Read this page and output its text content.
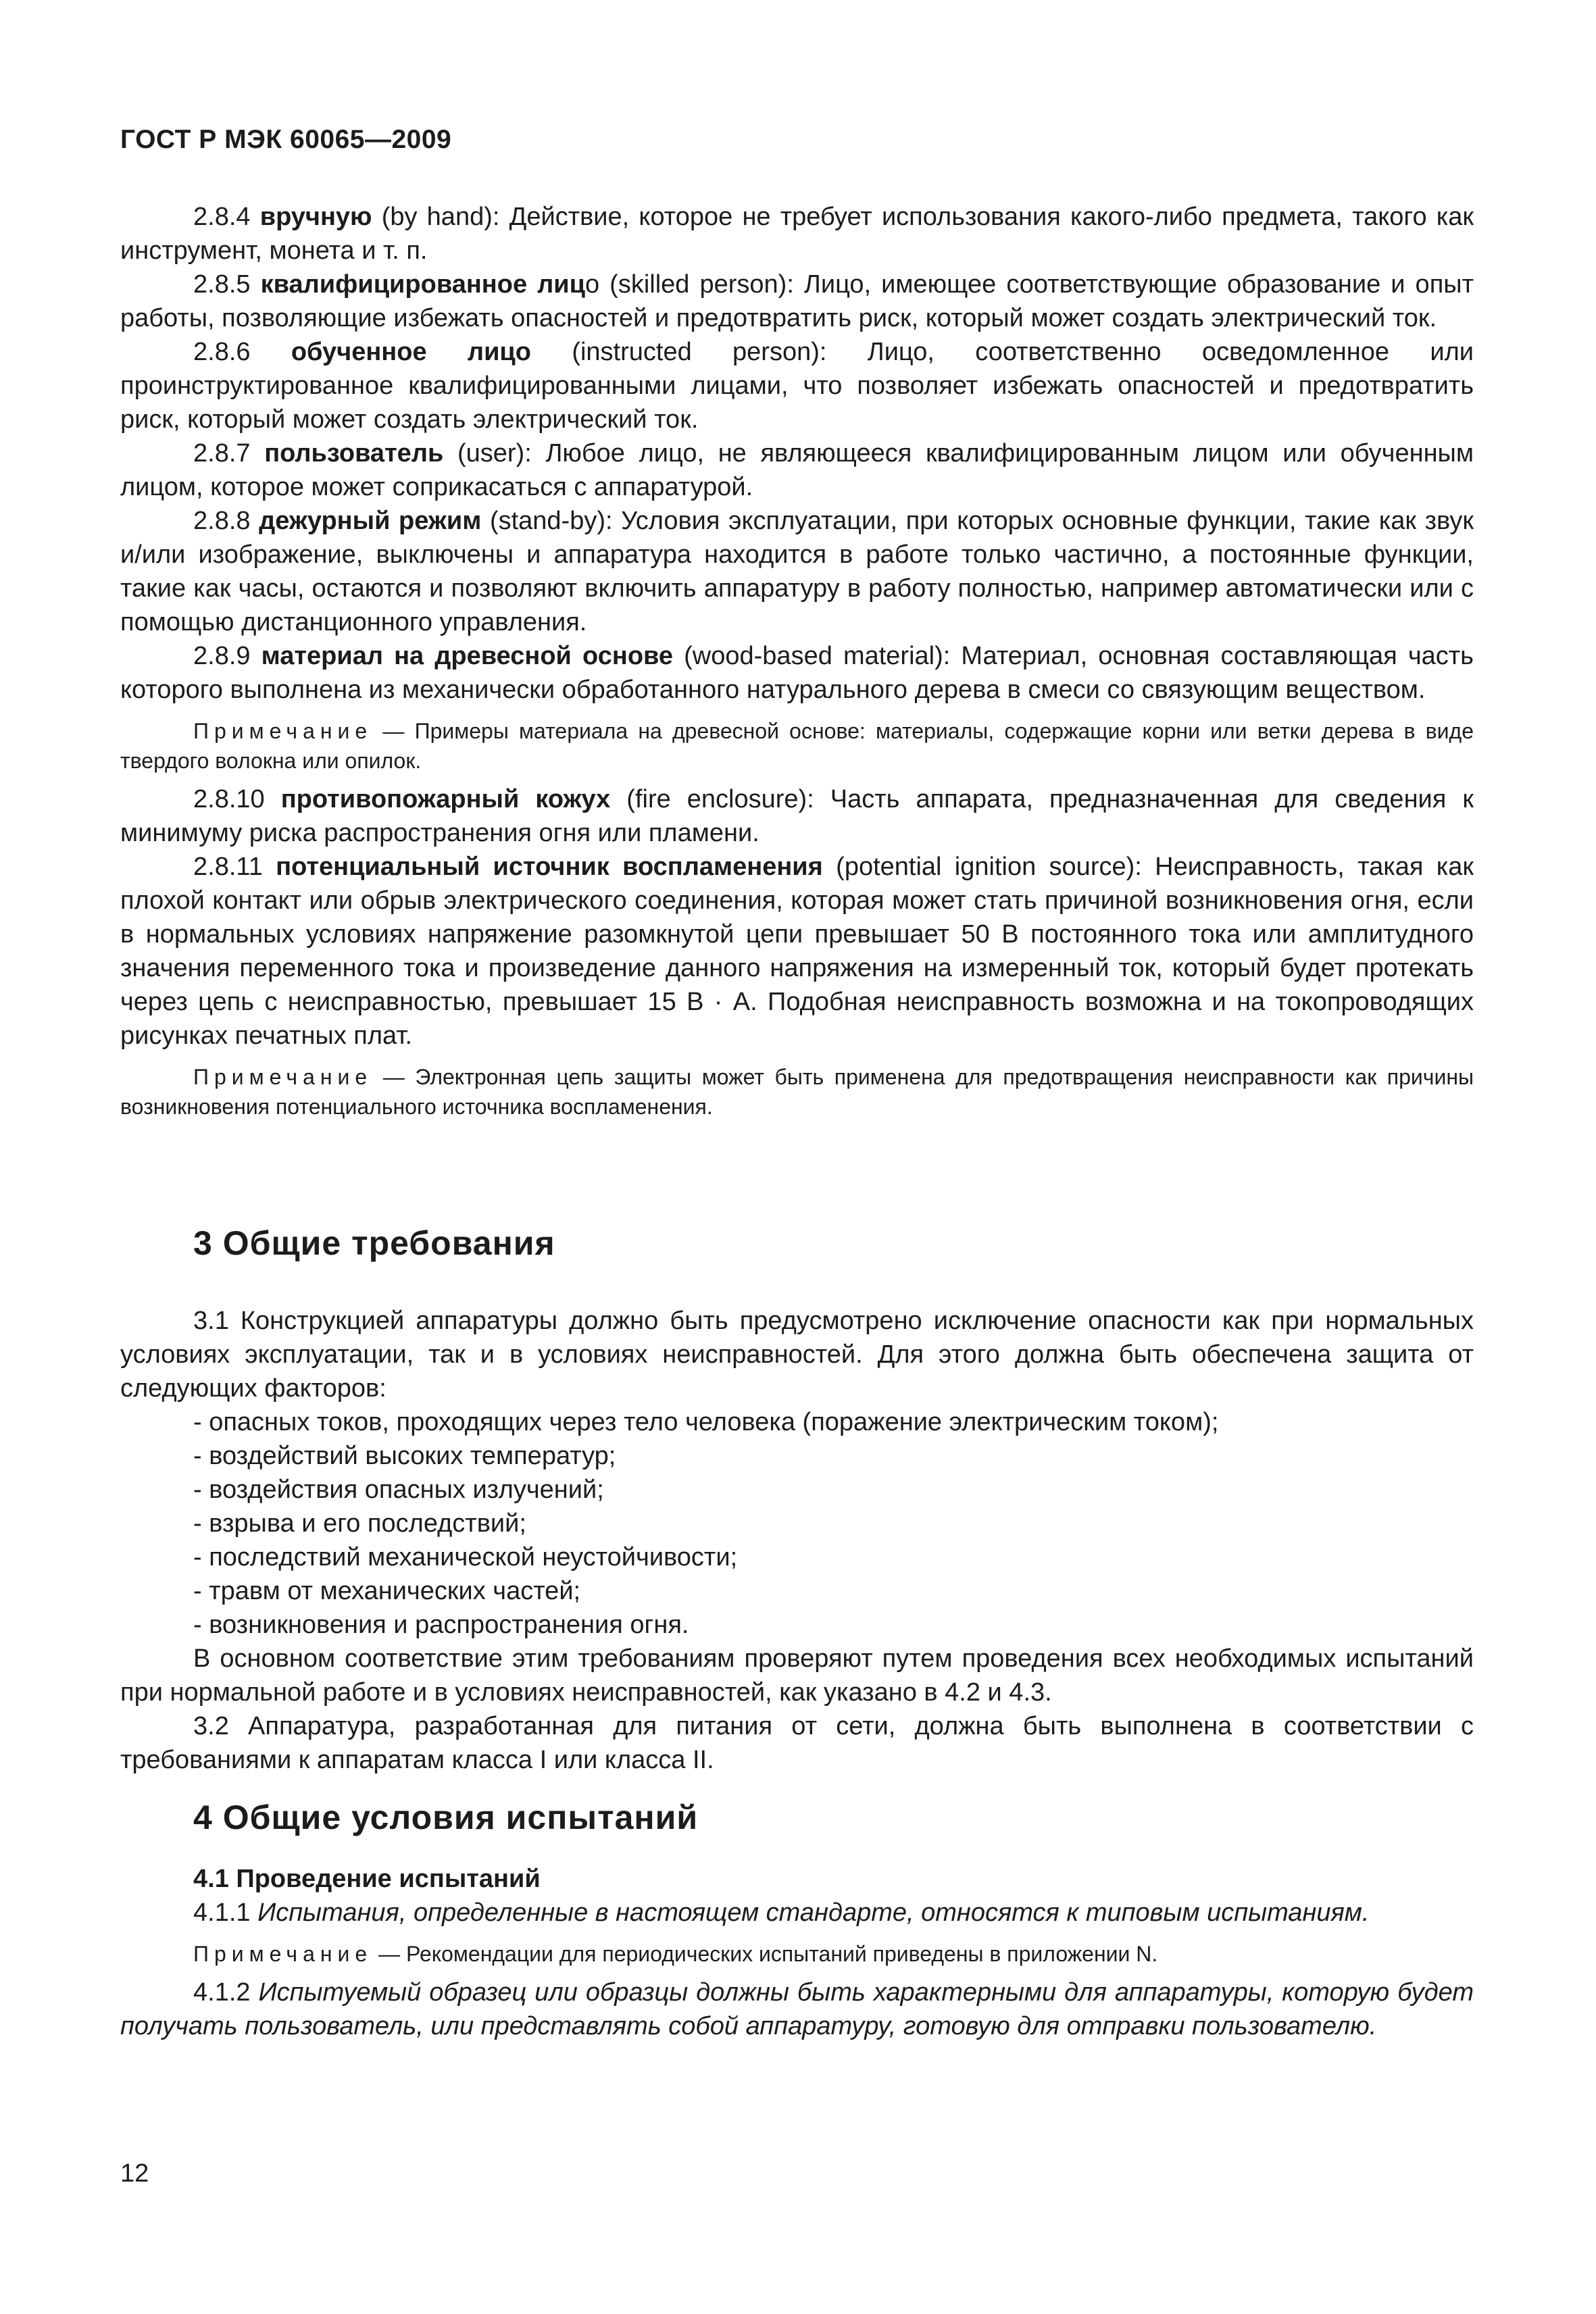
ГОСТ Р МЭК 60065—2009

2.8.4 вручную (by hand): Действие, которое не требует использования какого-либо предмета, такого как инструмент, монета и т. п.

2.8.5 квалифицированное лицо (skilled person): Лицо, имеющее соответствующие образование и опыт работы, позволяющие избежать опасностей и предотвратить риск, который может создать электрический ток.

2.8.6 обученное лицо (instructed person): Лицо, соответственно осведомленное или проинструктированное квалифицированными лицами, что позволяет избежать опасностей и предотвратить риск, который может создать электрический ток.

2.8.7 пользователь (user): Любое лицо, не являющееся квалифицированным лицом или обученным лицом, которое может соприкасаться с аппаратурой.

2.8.8 дежурный режим (stand-by): Условия эксплуатации, при которых основные функции, такие как звук и/или изображение, выключены и аппаратура находится в работе только частично, а постоянные функции, такие как часы, остаются и позволяют включить аппаратуру в работу полностью, например автоматически или с помощью дистанционного управления.

2.8.9 материал на древесной основе (wood-based material): Материал, основная составляющая часть которого выполнена из механически обработанного натурального дерева в смеси со связующим веществом.

Примечание — Примеры материала на древесной основе: материалы, содержащие корни или ветки дерева в виде твердого волокна или опилок.

2.8.10 противопожарный кожух (fire enclosure): Часть аппарата, предназначенная для сведения к минимуму риска распространения огня или пламени.

2.8.11 потенциальный источник воспламенения (potential ignition source): Неисправность, такая как плохой контакт или обрыв электрического соединения, которая может стать причиной возникновения огня, если в нормальных условиях напряжение разомкнутой цепи превышает 50 В постоянного тока или амплитудного значения переменного тока и произведение данного напряжения на измеренный ток, который будет протекать через цепь с неисправностью, превышает 15 В · А. Подобная неисправность возможна и на токопроводящих рисунках печатных плат.

Примечание — Электронная цепь защиты может быть применена для предотвращения неисправности как причины возникновения потенциального источника воспламенения.

3 Общие требования

3.1 Конструкцией аппаратуры должно быть предусмотрено исключение опасности как при нормальных условиях эксплуатации, так и в условиях неисправностей. Для этого должна быть обеспечена защита от следующих факторов:

- опасных токов, проходящих через тело человека (поражение электрическим током);

- воздействий высоких температур;

- воздействия опасных излучений;

- взрыва и его последствий;

- последствий механической неустойчивости;

- травм от механических частей;

- возникновения и распространения огня.

В основном соответствие этим требованиям проверяют путем проведения всех необходимых испытаний при нормальной работе и в условиях неисправностей, как указано в 4.2 и 4.3.

3.2 Аппаратура, разработанная для питания от сети, должна быть выполнена в соответствии с требованиями к аппаратам класса I или класса II.

4 Общие условия испытаний
4.1 Проведение испытаний

4.1.1 Испытания, определенные в настоящем стандарте, относятся к типовым испытаниям.

Примечание — Рекомендации для периодических испытаний приведены в приложении N.

4.1.2 Испытуемый образец или образцы должны быть характерными для аппаратуры, которую будет получать пользователь, или представлять собой аппаратуру, готовую для отправки пользователю.

12
